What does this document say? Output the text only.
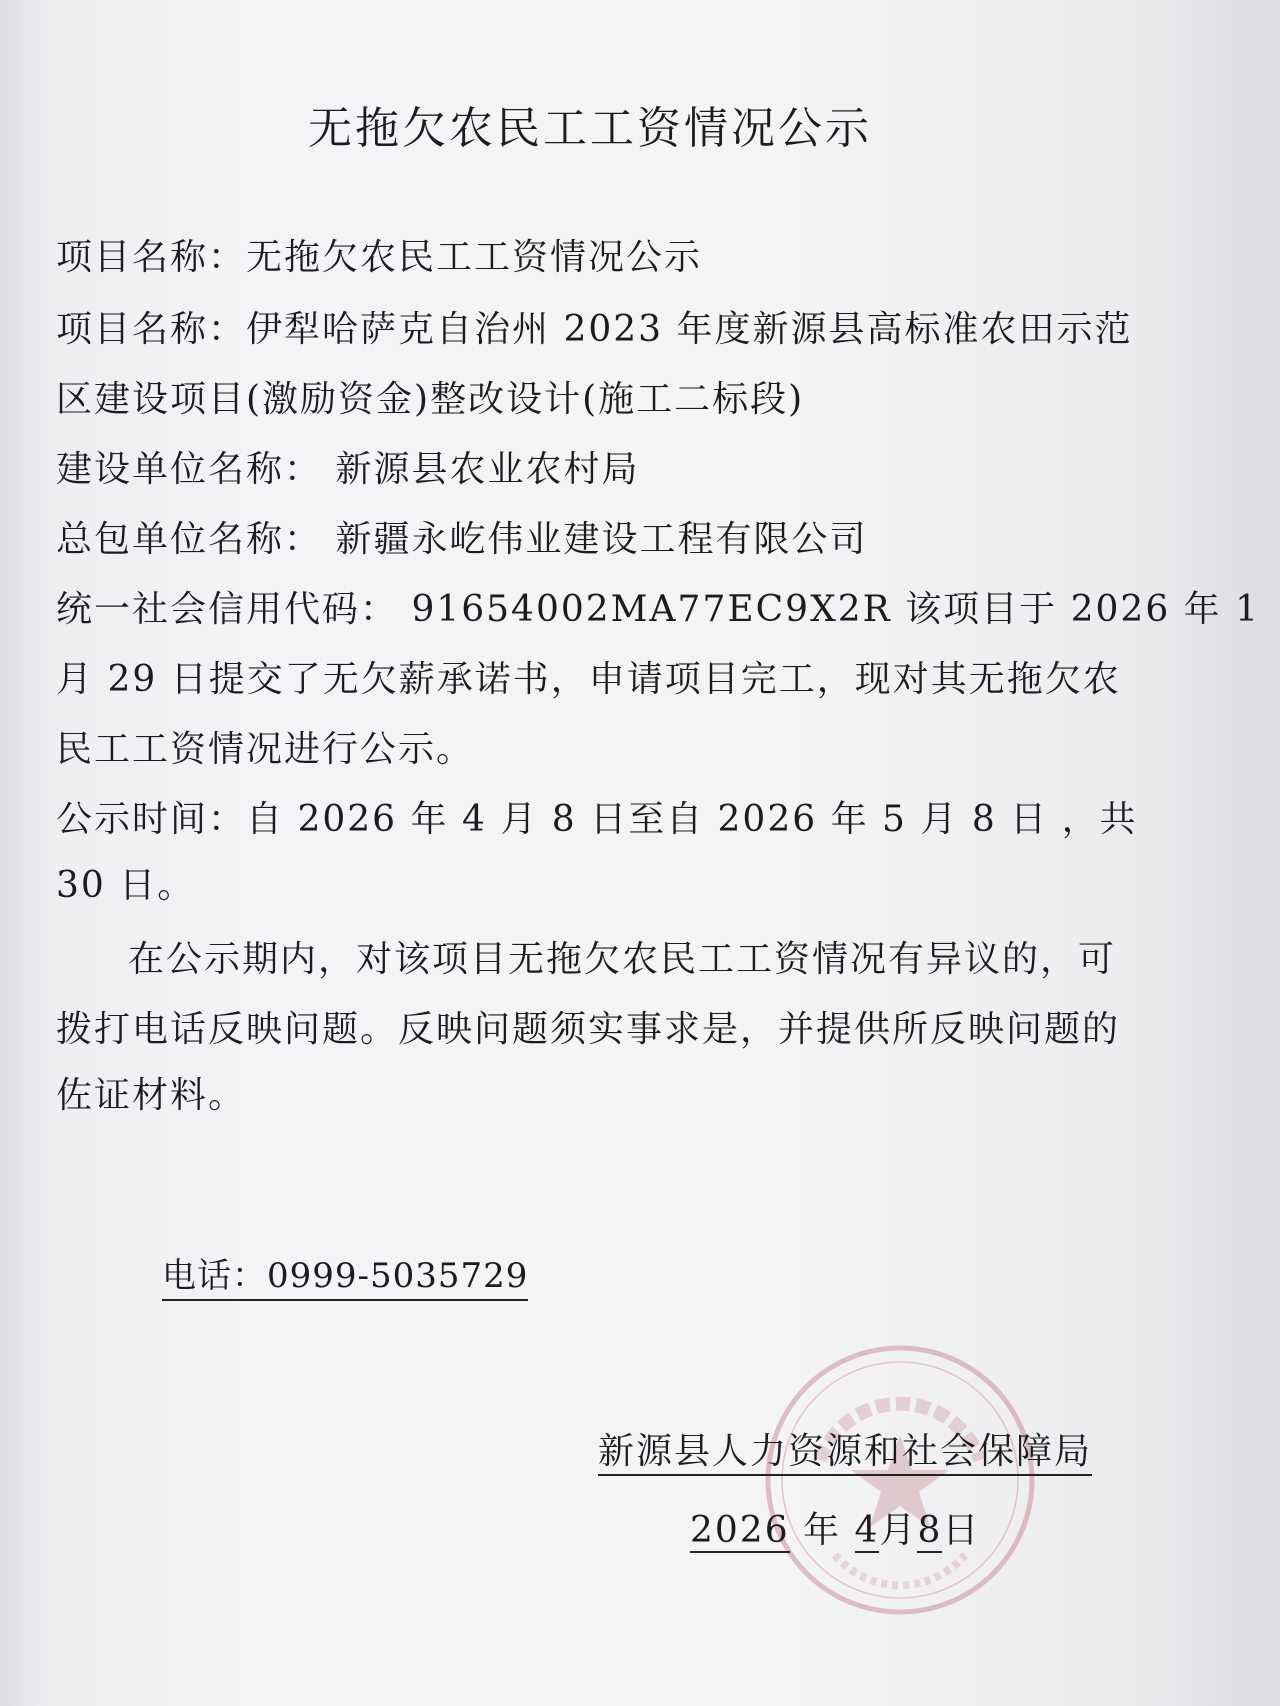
无拖欠农民工工资情况公示
项目名称：无拖欠农民工工资情况公示
项目名称：伊犁哈萨克自治州 2023 年度新源县高标准农田示范
区建设项目(激励资金)整改设计(施工二标段)
建设单位名称： 新源县农业农村局
总包单位名称： 新疆永屹伟业建设工程有限公司
统一社会信用代码： 91654002MA77EC9X2R 该项目于 2026 年 1
月 29 日提交了无欠薪承诺书，申请项目完工，现对其无拖欠农
民工工资情况进行公示。
公示时间：自 2026 年 4 月 8 日至自 2026 年 5 月 8 日 ，共
30 日。
在公示期内，对该项目无拖欠农民工工资情况有异议的，可
拨打电话反映问题。反映问题须实事求是，并提供所反映问题的
佐证材料。
电话：0999-5035729
新源县人力资源和社会保障局
2026 年 4月8日
